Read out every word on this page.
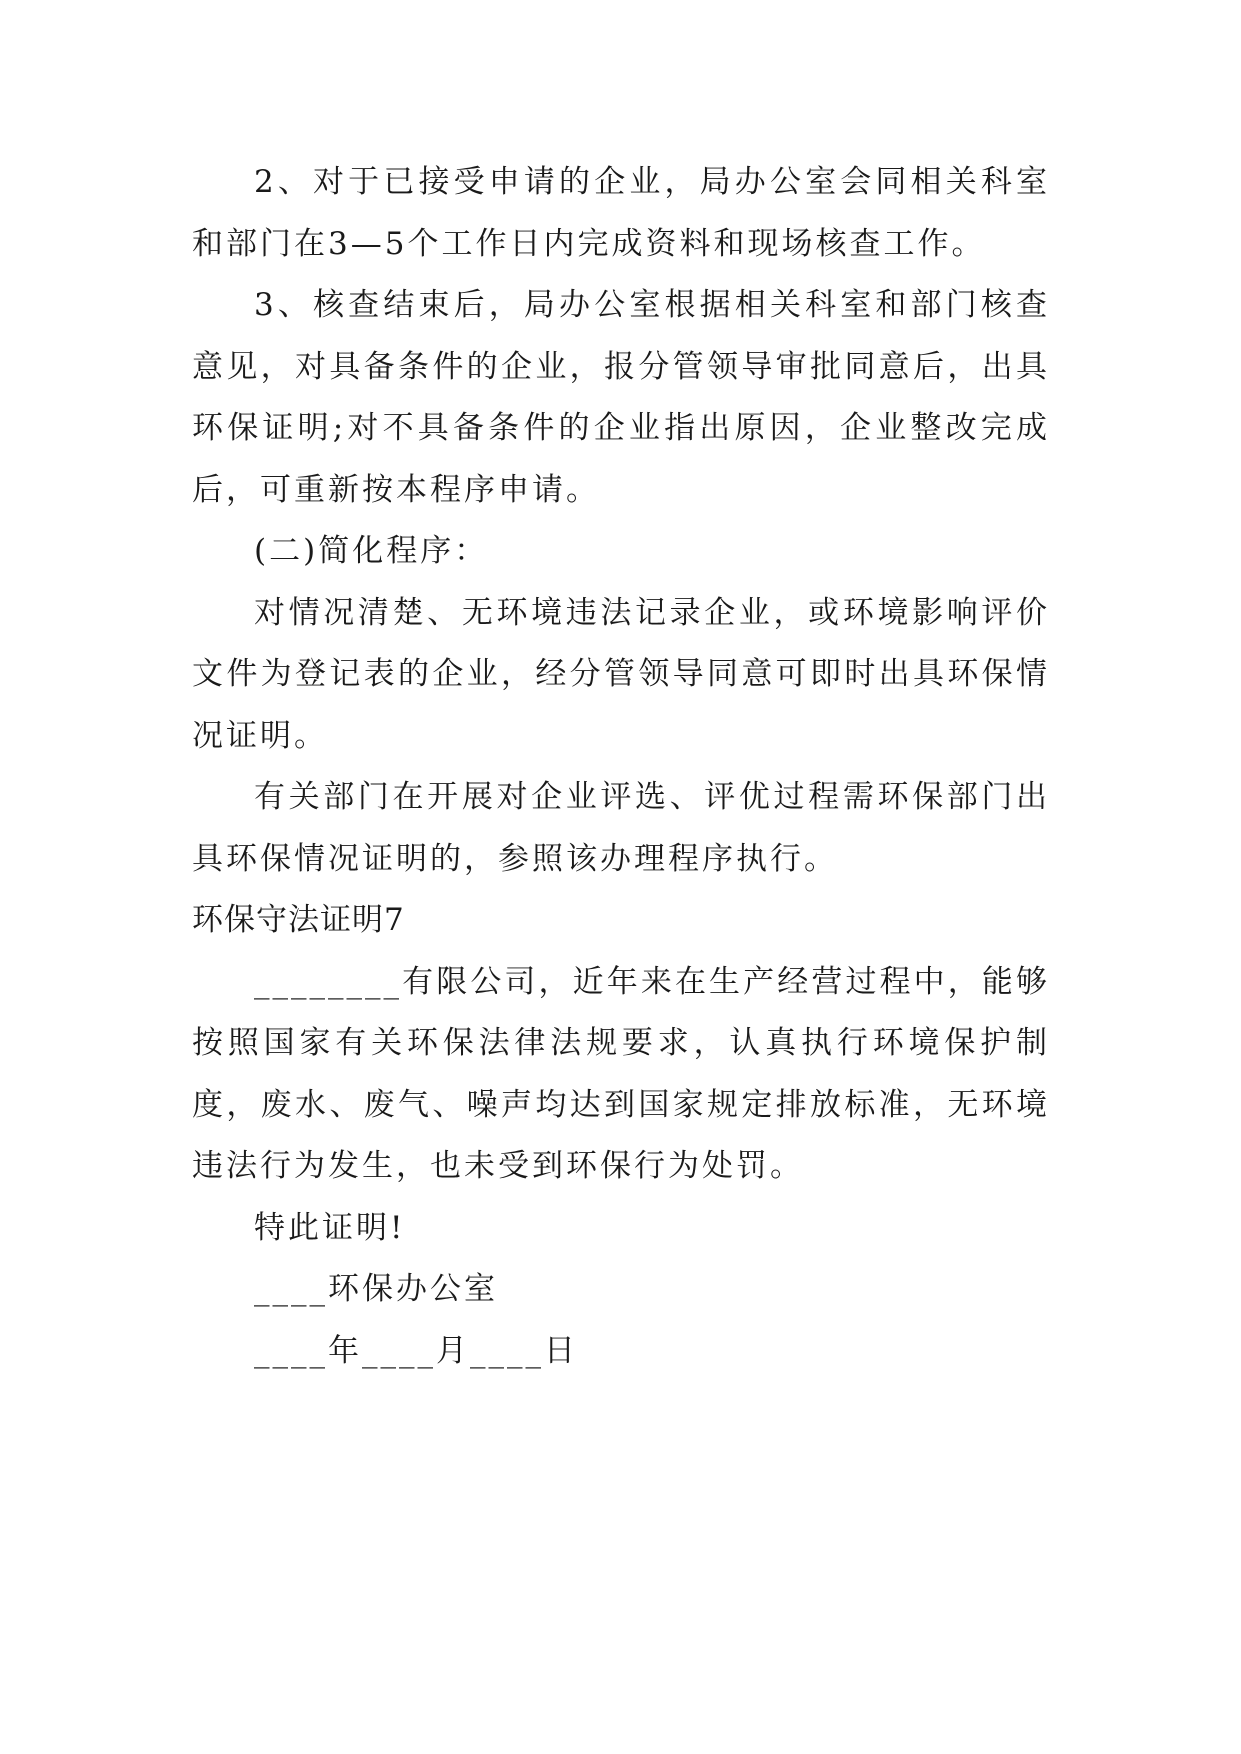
2、对于已接受申请的企业，局办公室会同相关科室和部门在3—5个工作日内完成资料和现场核查工作。

3、核查结束后，局办公室根据相关科室和部门核查意见，对具备条件的企业，报分管领导审批同意后，出具环保证明;对不具备条件的企业指出原因，企业整改完成后，可重新按本程序申请。

(二)简化程序：

对情况清楚、无环境违法记录企业，或环境影响评价文件为登记表的企业，经分管领导同意可即时出具环保情况证明。

有关部门在开展对企业评选、评优过程需环保部门出具环保情况证明的，参照该办理程序执行。

环保守法证明7

________有限公司，近年来在生产经营过程中，能够按照国家有关环保法律法规要求，认真执行环境保护制度，废水、废气、噪声均达到国家规定排放标准，无环境违法行为发生，也未受到环保行为处罚。

特此证明!

____环保办公室

____年____月____日
